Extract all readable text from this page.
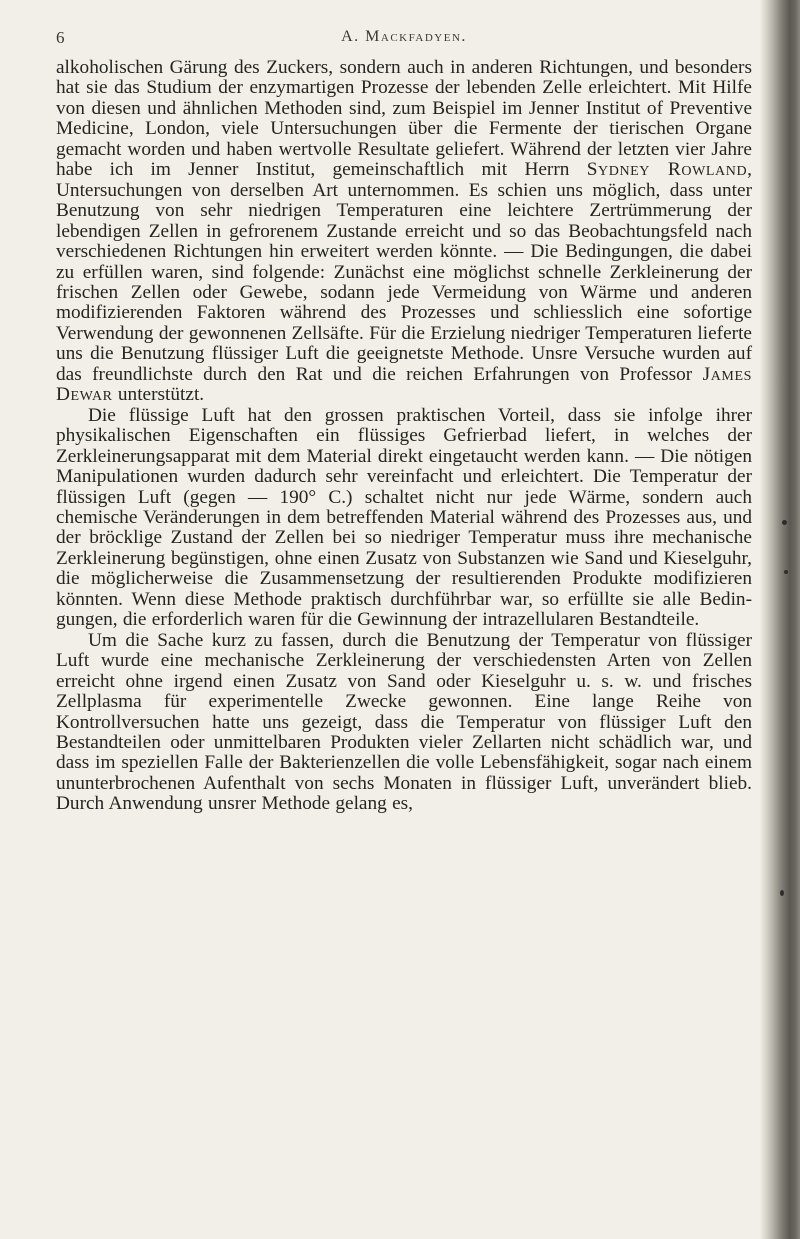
6	A. Mackfadyen.

alkoholischen Gärung des Zuckers, sondern auch in anderen Richtungen, und besonders hat sie das Studium der enzymartigen Prozesse der lebenden Zelle erleichtert. Mit Hilfe von diesen und ähnlichen Methoden sind, zum Beispiel im Jenner Institut of Preventive Medicine, London, viele Untersuchungen über die Fermente der tierischen Organe gemacht worden und haben wertvolle Resultate geliefert. Während der letzten vier Jahre habe ich im Jenner Institut, gemeinschaftlich mit Herrn Sydney Rowland, Untersuchungen von derselben Art unternommen. Es schien uns möglich, dass unter Benutzung von sehr niedrigen Temperaturen eine leichtere Zertrümmerung der lebendigen Zellen in gefrorenem Zustande erreicht und so das Beobachtungsfeld nach verschiedenen Richtungen hin erweitert werden könnte. — Die Bedingungen, die dabei zu erfüllen waren, sind folgende: Zunächst eine möglichst schnelle Zerkleinerung der frischen Zellen oder Gewebe, sodann jede Vermeidung von Wärme und anderen modifizierenden Faktoren während des Prozesses und schliesslich eine sofortige Verwendung der gewonnenen Zellsäfte. Für die Erzielung niedriger Temperaturen lieferte uns die Benutzung flüssiger Luft die geeignetste Methode. Unsre Versuche wurden auf das freundlichste durch den Rat und die reichen Erfahrungen von Professor James Dewar unterstützt.

Die flüssige Luft hat den grossen praktischen Vorteil, dass sie infolge ihrer physikalischen Eigenschaften ein flüssiges Gefrierbad liefert, in welches der Zerkleinerungsapparat mit dem Material direkt eingetaucht werden kann. — Die nötigen Manipulationen wurden dadurch sehr vereinfacht und erleichtert. Die Temperatur der flüssigen Luft (gegen — 190° C.) schaltet nicht nur jede Wärme, sondern auch chemische Veränderungen in dem betreffenden Material während des Prozesses aus, und der bröcklige Zustand der Zellen bei so niedriger Temperatur muss ihre mechanische Zerkleinerung begünstigen, ohne einen Zusatz von Substanzen wie Sand und Kieselguhr, die möglicherweise die Zusammensetzung der resultierenden Produkte modifizieren könnten. Wenn diese Methode praktisch durchführbar war, so erfüllte sie alle Bedingungen, die erforderlich waren für die Gewinnung der intrazellularen Bestandteile.

Um die Sache kurz zu fassen, durch die Benutzung der Temperatur von flüssiger Luft wurde eine mechanische Zerkleinerung der verschiedensten Arten von Zellen erreicht ohne irgend einen Zusatz von Sand oder Kieselguhr u. s. w. und frisches Zellplasma für experimentelle Zwecke gewonnen. Eine lange Reihe von Kontrollversuchen hatte uns gezeigt, dass die Temperatur von flüssiger Luft den Bestandteilen oder unmittelbaren Produkten vieler Zellarten nicht schädlich war, und dass im speziellen Falle der Bakterienzellen die volle Lebensfähigkeit, sogar nach einem ununterbrochenen Aufenthalt von sechs Monaten in flüssiger Luft, unverändert blieb. Durch Anwendung unsrer Methode gelang es,
